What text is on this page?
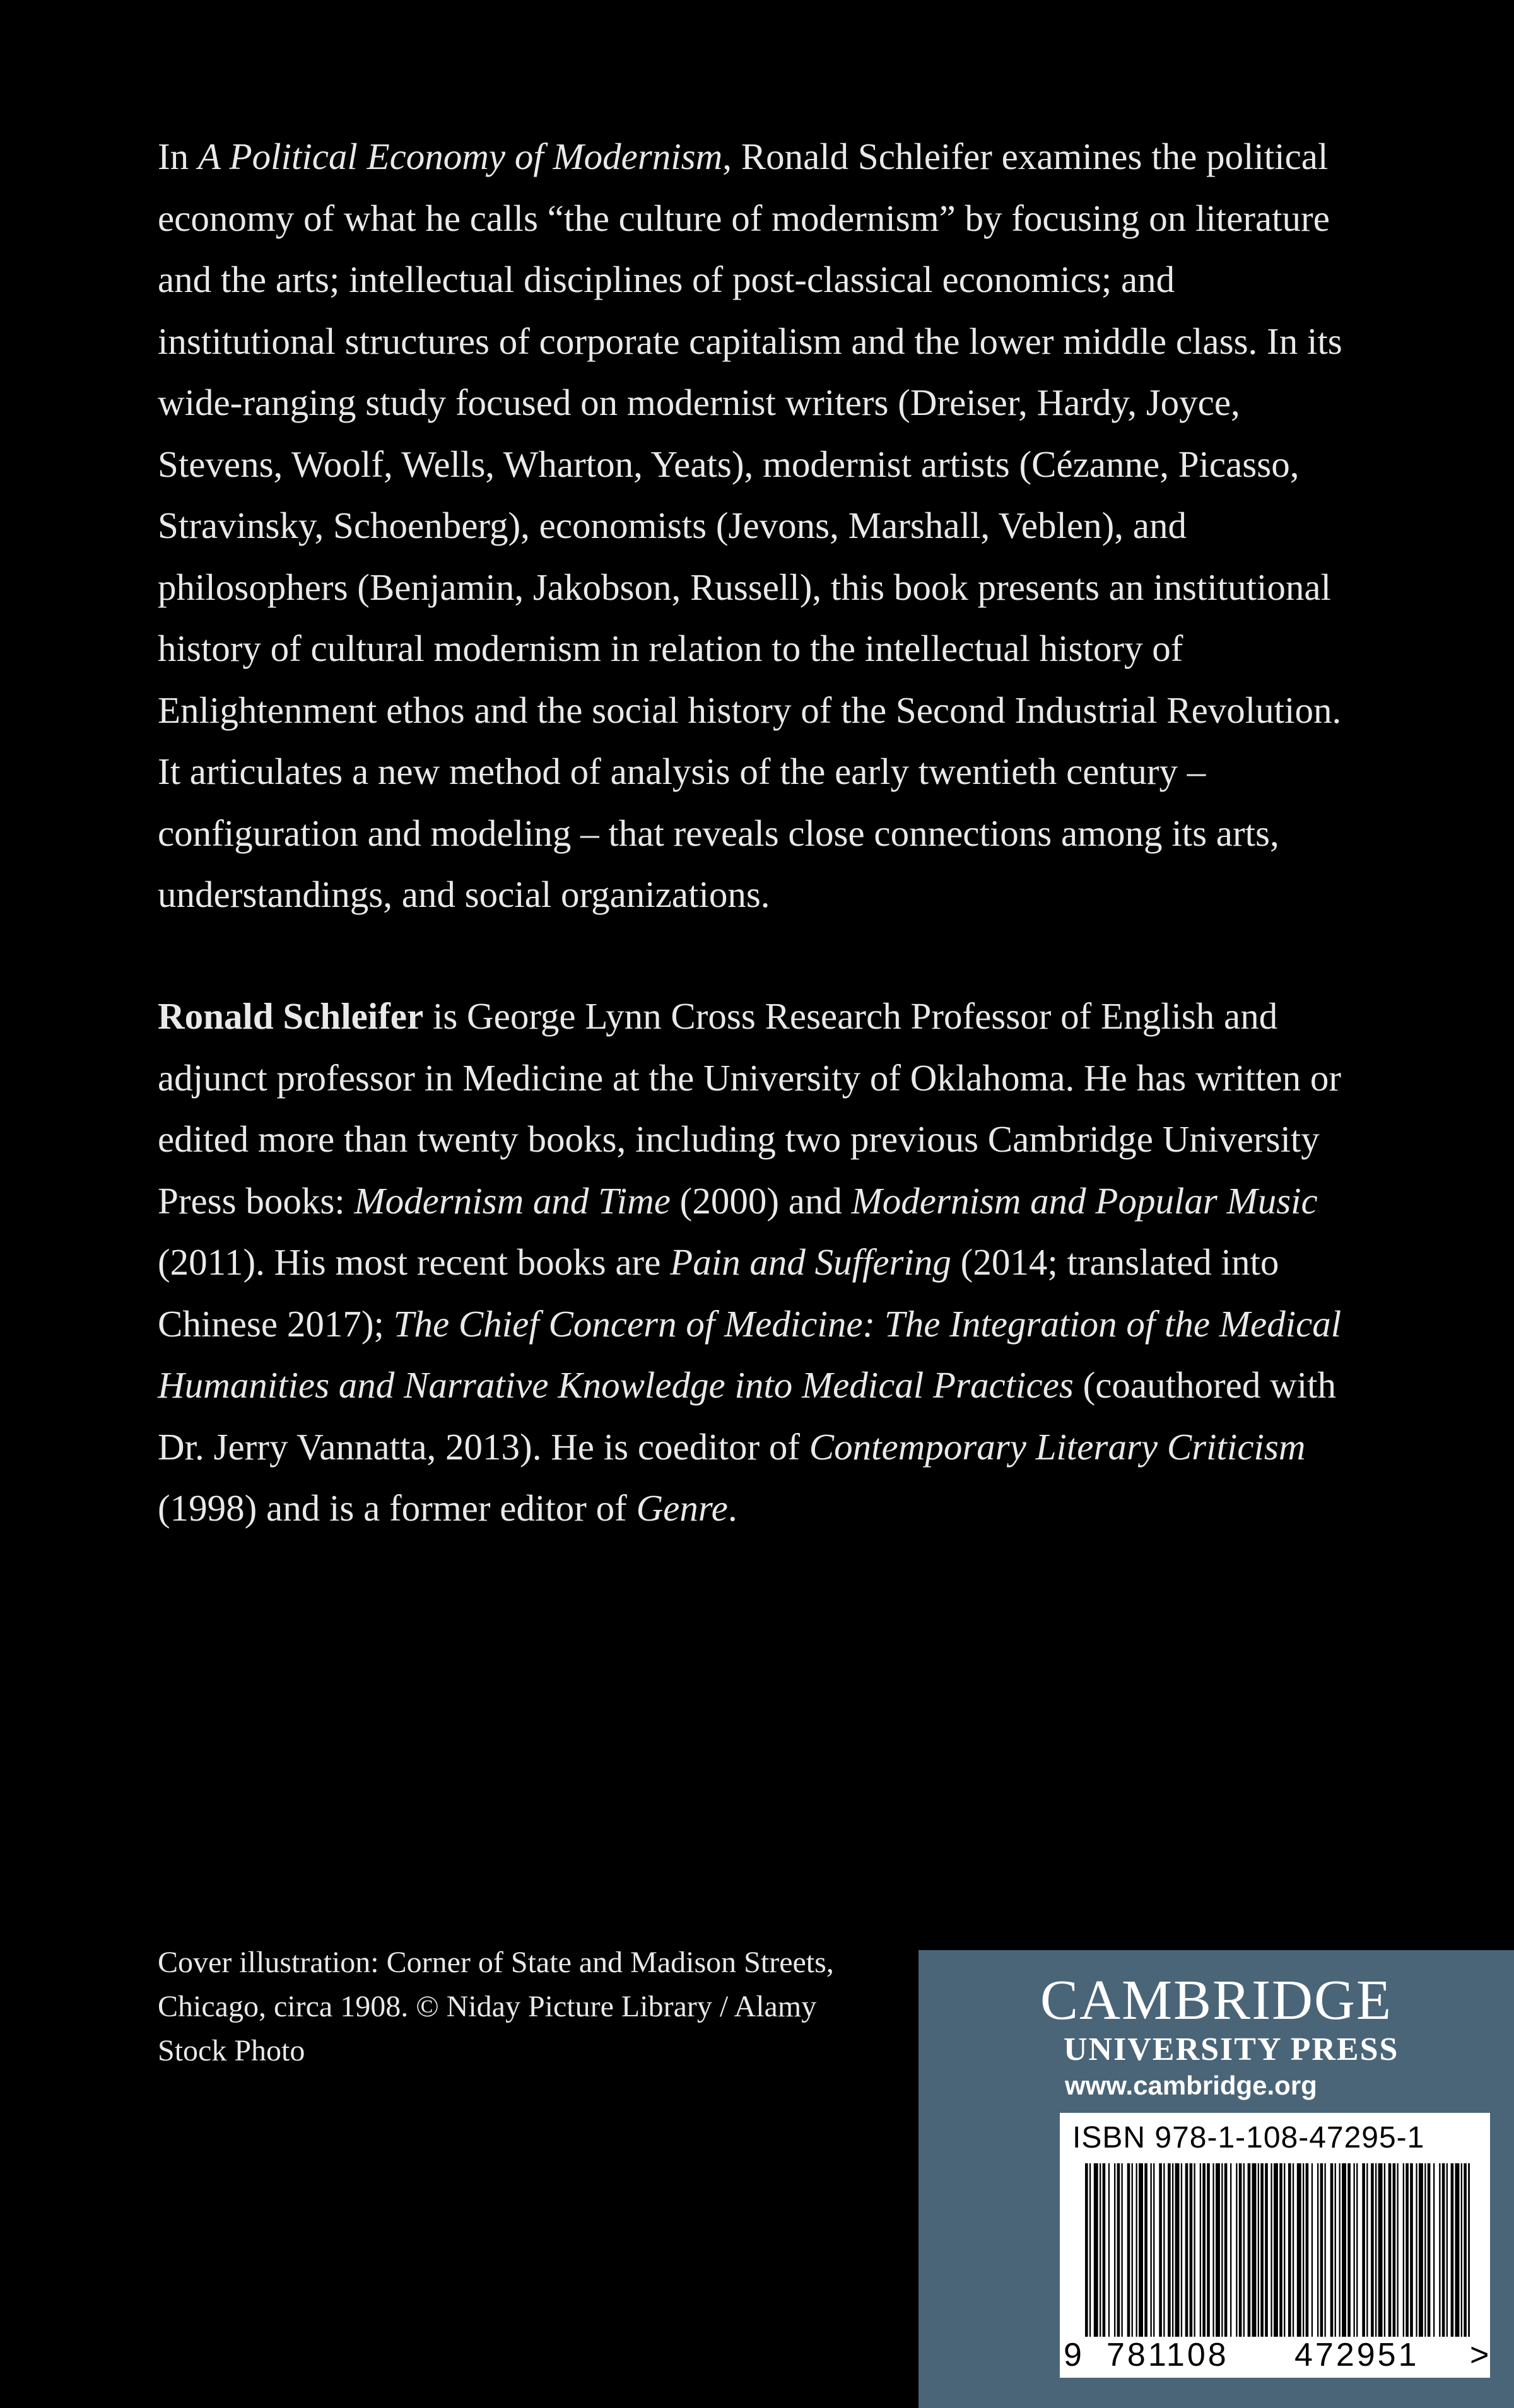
In A Political Economy of Modernism, Ronald Schleifer examines the political economy of what he calls “the culture of modernism” by focusing on literature and the arts; intellectual disciplines of post-classical economics; and institutional structures of corporate capitalism and the lower middle class. In its wide-ranging study focused on modernist writers (Dreiser, Hardy, Joyce, Stevens, Woolf, Wells, Wharton, Yeats), modernist artists (Cézanne, Picasso, Stravinsky, Schoenberg), economists (Jevons, Marshall, Veblen), and philosophers (Benjamin, Jakobson, Russell), this book presents an institutional history of cultural modernism in relation to the intellectual history of Enlightenment ethos and the social history of the Second Industrial Revolution. It articulates a new method of analysis of the early twentieth century – configuration and modeling – that reveals close connections among its arts, understandings, and social organizations.

Ronald Schleifer is George Lynn Cross Research Professor of English and adjunct professor in Medicine at the University of Oklahoma. He has written or edited more than twenty books, including two previous Cambridge University Press books: Modernism and Time (2000) and Modernism and Popular Music (2011). His most recent books are Pain and Suffering (2014; translated into Chinese 2017); The Chief Concern of Medicine: The Integration of the Medical Humanities and Narrative Knowledge into Medical Practices (coauthored with Dr. Jerry Vannatta, 2013). He is coeditor of Contemporary Literary Criticism (1998) and is a former editor of Genre.

Cover illustration: Corner of State and Madison Streets, Chicago, circa 1908. © Niday Picture Library / Alamy Stock Photo

CAMBRIDGE
UNIVERSITY PRESS
www.cambridge.org
ISBN 978-1-108-47295-1
9 781108 472951 >
